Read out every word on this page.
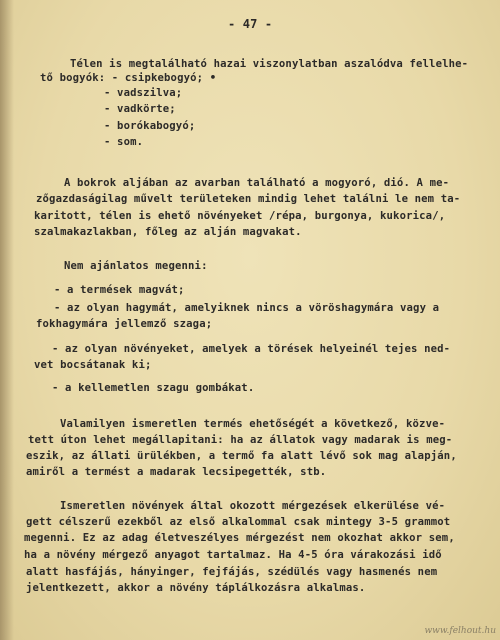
- 47 -
Télen is megtalálható hazai viszonylatban aszalódva fellelhe-
tő bogyók: - csipkebogyó; •
- vadszilva;
- vadkörte;
- borókabogyó;
- som.
A bokrok aljában az avarban található a mogyoró, dió. A me-
zőgazdaságilag művelt területeken mindig lehet találni le nem ta-
karitott, télen is ehető növényeket /répa, burgonya, kukorica/,
szalmakazlakban, főleg az alján magvakat.
Nem ajánlatos megenni:
- a termések magvát;
- az olyan hagymát, amelyiknek nincs a vöröshagymára vagy a
fokhagymára jellemző szaga;
- az olyan növényeket, amelyek a törések helyeinél tejes ned-
vet bocsátanak ki;
- a kellemetlen szagu gombákat.
Valamilyen ismeretlen termés ehetőségét a következő, közve-
tett úton lehet megállapitani: ha az állatok vagy madarak is meg-
eszik, az állati ürülékben, a termő fa alatt lévő sok mag alapján,
amiről a termést a madarak lecsipegették, stb.
Ismeretlen növények által okozott mérgezések elkerülése vé-
gett célszerű ezekből az első alkalommal csak mintegy 3-5 grammot
megenni. Ez az adag életveszélyes mérgezést nem okozhat akkor sem,
ha a növény mérgező anyagot tartalmaz. Ha 4-5 óra várakozási idő
alatt hasfájás, hányinger, fejfájás, szédülés vagy hasmenés nem
jelentkezett, akkor a növény táplálkozásra alkalmas.
www.felhout.hu
